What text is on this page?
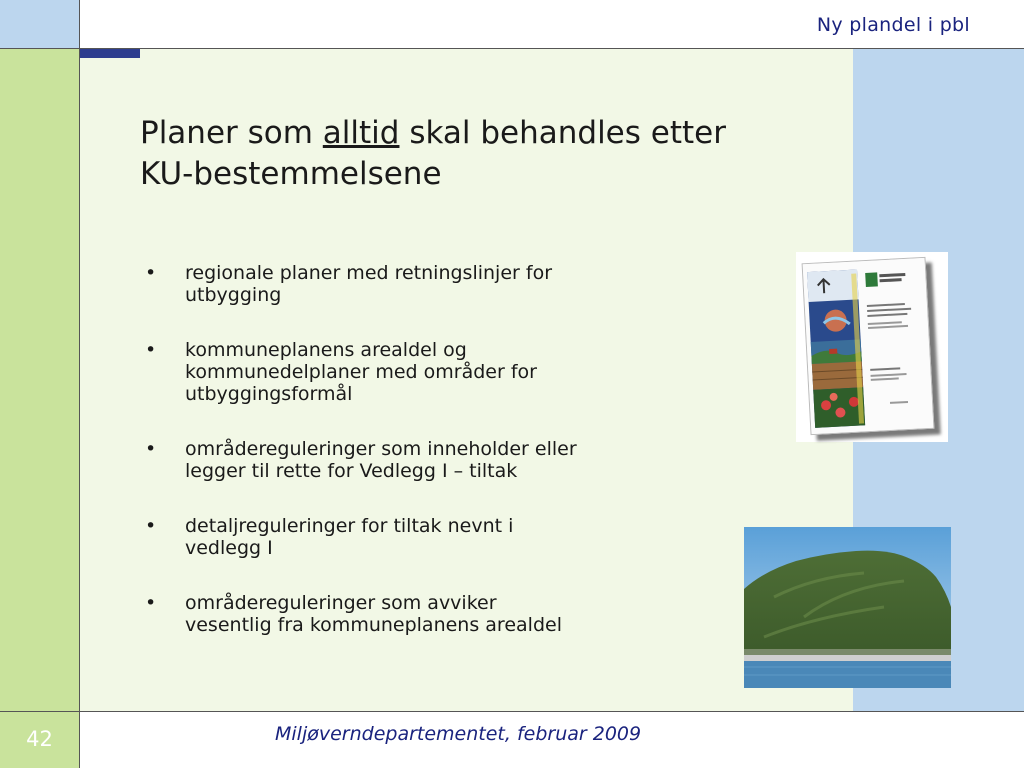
Ny plandel i pbl
42	Miljøverndepartementet, februar 2009
Planer som alltid skal behandles etter
KU-bestemmelsene
• regionale planer med retningslinjer for
utbygging
• kommuneplanens arealdel og
kommunedelplaner med områder for
utbyggingsformål
• områdereguleringer som inneholder eller
legger til rette for Vedlegg I – tiltak
• detaljreguleringer for tiltak nevnt i
vedlegg I
• områdereguleringer som avviker
vesentlig fra kommuneplanens arealdel
